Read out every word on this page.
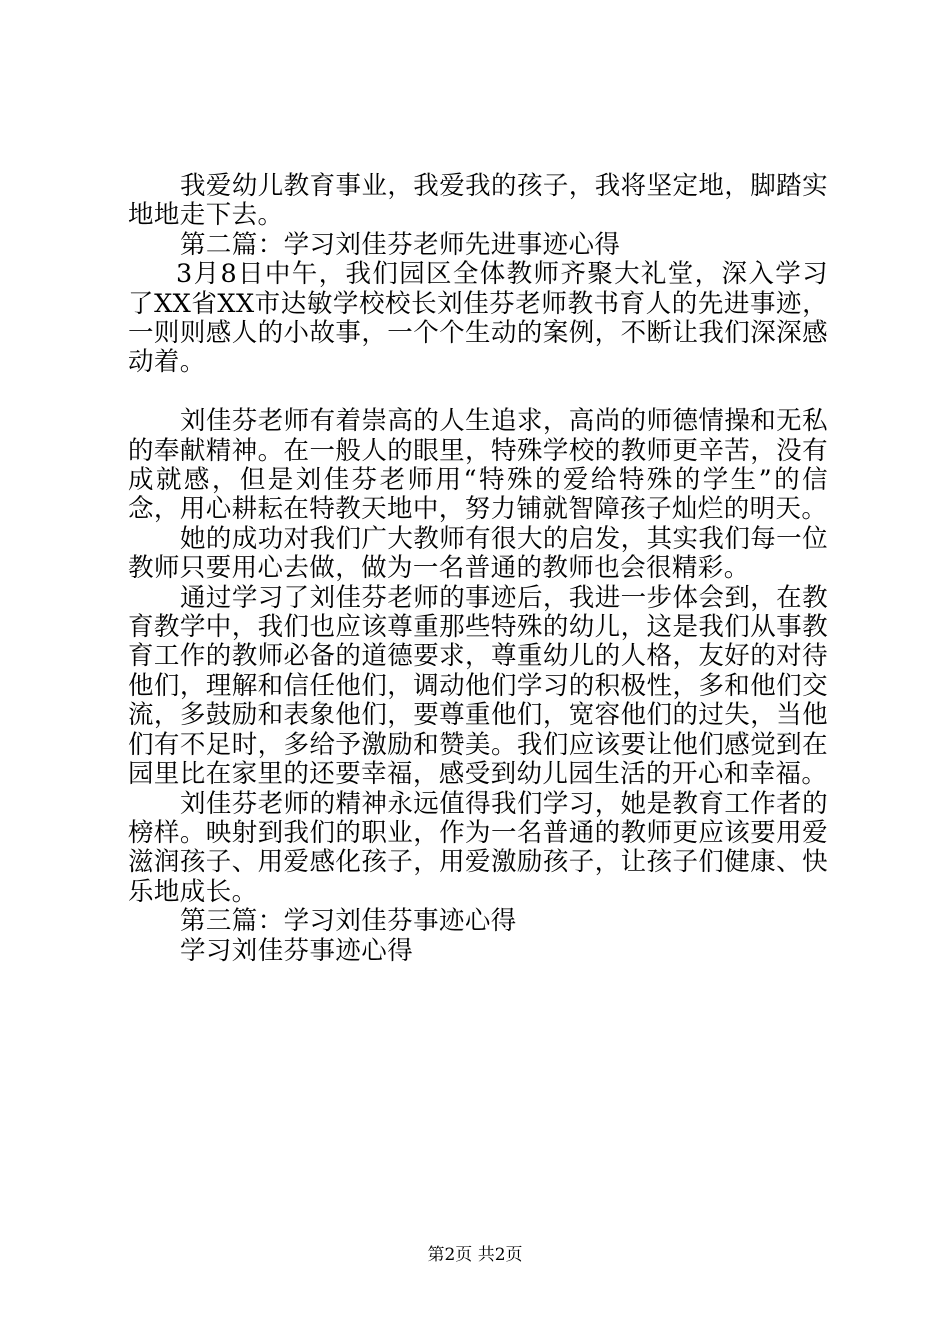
我爱幼儿教育事业，我爱我的孩子，我将坚定地，脚踏实地地走下去。

第二篇：学习刘佳芬老师先进事迹心得

3月8日中午，我们园区全体教师齐聚大礼堂，深入学习了XX省XX市达敏学校校长刘佳芬老师教书育人的先进事迹，一则则感人的小故事，一个个生动的案例，不断让我们深深感动着。

刘佳芬老师有着崇高的人生追求，高尚的师德情操和无私的奉献精神。在一般人的眼里，特殊学校的教师更辛苦，没有成就感，但是刘佳芬老师用“特殊的爱给特殊的学生”的信念，用心耕耘在特教天地中，努力铺就智障孩子灿烂的明天。

她的成功对我们广大教师有很大的启发，其实我们每一位教师只要用心去做，做为一名普通的教师也会很精彩。

通过学习了刘佳芬老师的事迹后，我进一步体会到，在教育教学中，我们也应该尊重那些特殊的幼儿，这是我们从事教育工作的教师必备的道德要求，尊重幼儿的人格，友好的对待他们，理解和信任他们，调动他们学习的积极性，多和他们交流，多鼓励和表象他们，要尊重他们，宽容他们的过失，当他们有不足时，多给予激励和赞美。我们应该要让他们感觉到在园里比在家里的还要幸福，感受到幼儿园生活的开心和幸福。

刘佳芬老师的精神永远值得我们学习，她是教育工作者的榜样。映射到我们的职业，作为一名普通的教师更应该要用爱滋润孩子、用爱感化孩子，用爱激励孩子，让孩子们健康、快乐地成长。

第三篇：学习刘佳芬事迹心得

学习刘佳芬事迹心得

第2页 共2页
